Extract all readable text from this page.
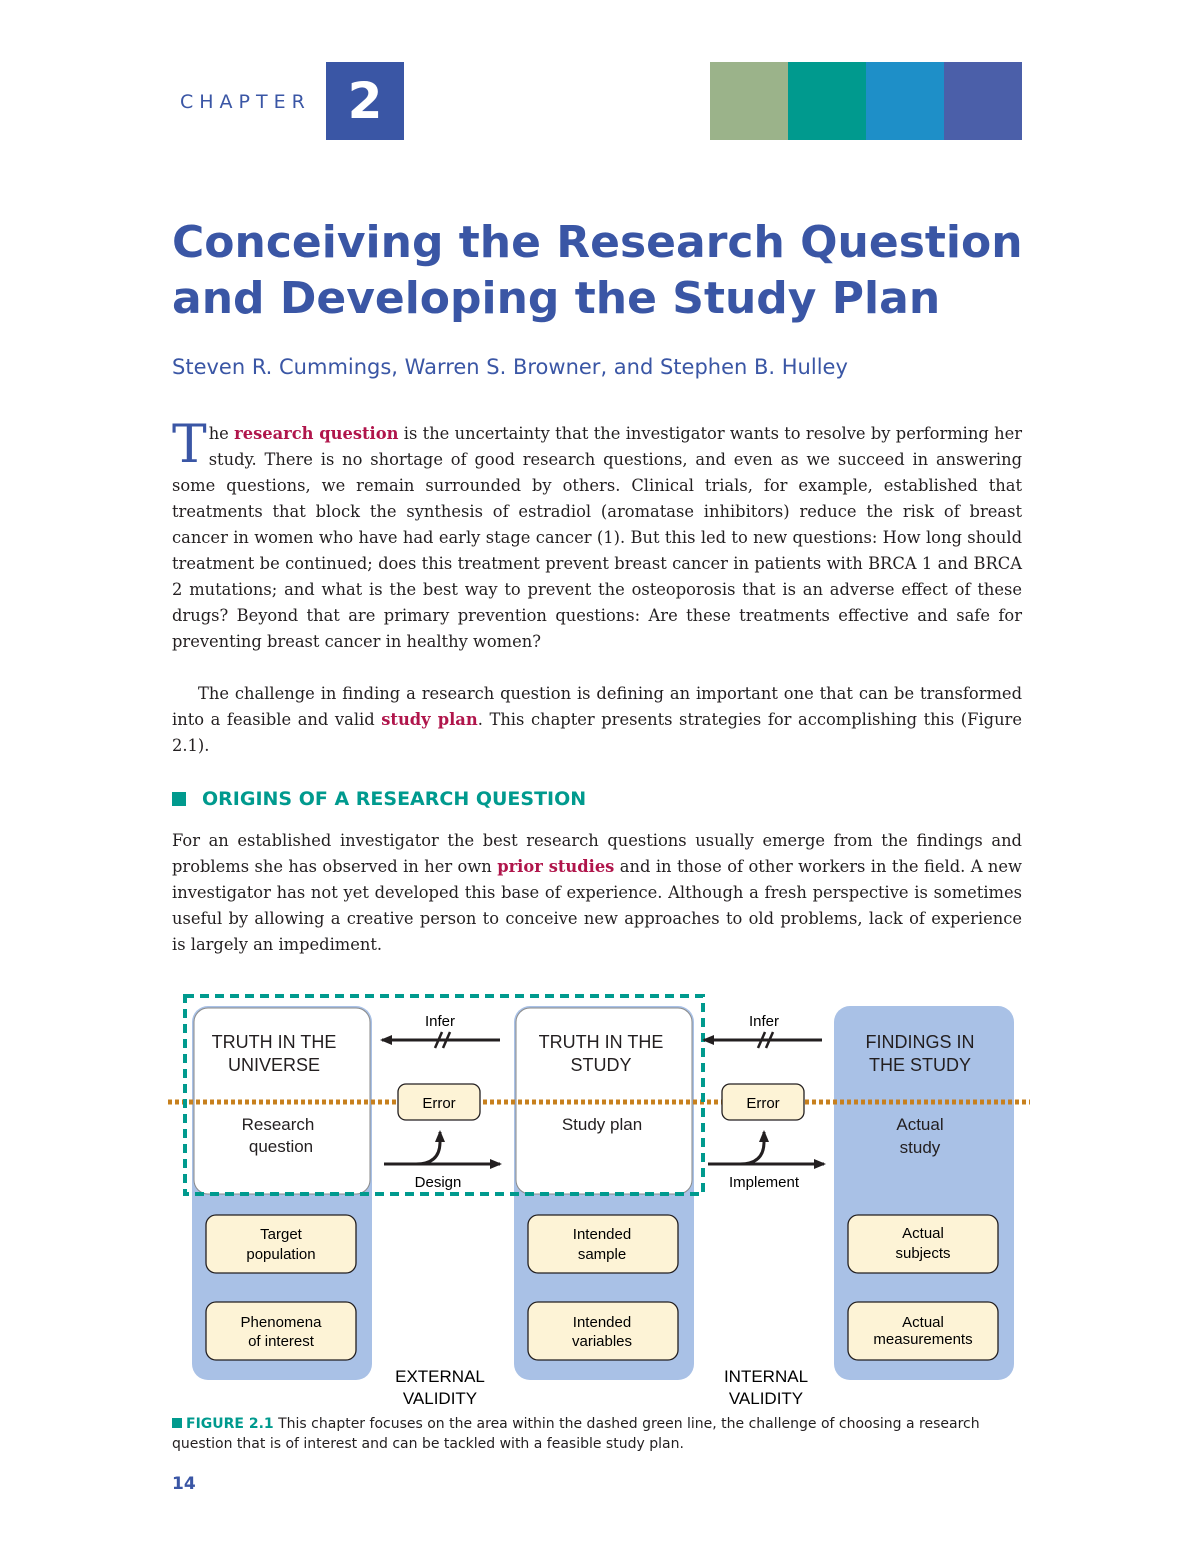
CHAPTER 2
Conceiving the Research Question
and Developing the Study Plan

Steven R. Cummings, Warren S. Browner, and Stephen B. Hulley

The research question is the uncertainty that the investigator wants to resolve by performing her study. There is no shortage of good research questions, and even as we succeed in answering some questions, we remain surrounded by others. Clinical trials, for example, established that treatments that block the synthesis of estradiol (aromatase inhibitors) reduce the risk of breast cancer in women who have had early stage cancer (1). But this led to new questions: How long should treatment be continued; does this treatment prevent breast cancer in patients with BRCA 1 and BRCA 2 mutations; and what is the best way to prevent the osteoporosis that is an adverse effect of these drugs? Beyond that are primary prevention questions: Are these treatments effective and safe for preventing breast cancer in healthy women?

The challenge in finding a research question is defining an important one that can be transformed into a feasible and valid study plan. This chapter presents strategies for accomplishing this (Figure 2.1).

ORIGINS OF A RESEARCH QUESTION

For an established investigator the best research questions usually emerge from the findings and problems she has observed in her own prior studies and in those of other workers in the field. A new investigator has not yet developed this base of experience. Although a fresh perspective is sometimes useful by allowing a creative person to conceive new approaches to old problems, lack of experience is largely an impediment.

TRUTH IN THE
UNIVERSE
Research
question
TRUTH IN THE
STUDY
Study plan
FINDINGS IN
THE STUDY
Actual
study
Target
population
Phenomena
of interest
Intended
sample
Intended
variables
Actual
subjects
Actual
measurements
Infer	Infer
Design	Implement
Error	Error
EXTERNAL
VALIDITY
INTERNAL
VALIDITY

FIGURE 2.1 This chapter focuses on the area within the dashed green line, the challenge of choosing a research question that is of interest and can be tackled with a feasible study plan.

14
